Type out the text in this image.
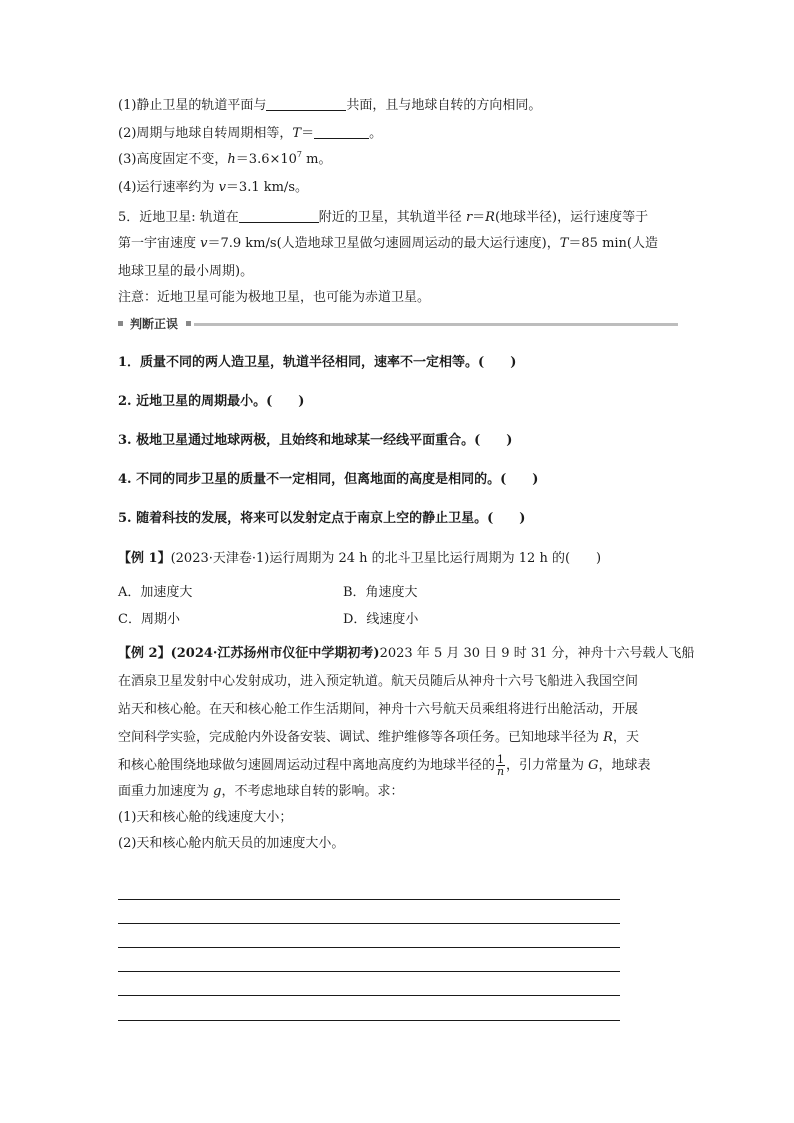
(1)静止卫星的轨道平面与	共面，且与地球自转的方向相同。
(2)周期与地球自转周期相等，T＝	。
(3)高度固定不变，$h=3.6\times 10^7$ m。
(4)运行速率约为 v＝3.1 km/s。
5．近地卫星: 轨道在	附近的卫星，其轨道半径 r＝R(地球半径)，运行速度等于
第一宇宙速度 v＝7.9 km/s(人造地球卫星做匀速圆周运动的最大运行速度)，T＝85 min(人造
地球卫星的最小周期)。
注意：近地卫星可能为极地卫星，也可能为赤道卫星。
判断正误
1．质量不同的两人造卫星，轨道半径相同，速率不一定相等。(　　)
2. 近地卫星的周期最小。(　　)
3. 极地卫星通过地球两极，且始终和地球某一经线平面重合。(　　)
4. 不同的同步卫星的质量不一定相同，但离地面的高度是相同的。(　　)
5. 随着科技的发展，将来可以发射定点于南京上空的静止卫星。(　　)
【例 1】(2023·天津卷·1)运行周期为 24 h 的北斗卫星比运行周期为 12 h 的(　　)
A．加速度大	B．角速度大
C．周期小	D．线速度小
【例 2】(2024·江苏扬州市仪征中学期初考)2023 年 5 月 30 日 9 时 31 分，神舟十六号载人飞船
在酒泉卫星发射中心发射成功，进入预定轨道。航天员随后从神舟十六号飞船进入我国空间
站天和核心舱。在天和核心舱工作生活期间，神舟十六号航天员乘组将进行出舱活动，开展
空间科学实验，完成舱内外设备安装、调试、维护维修等各项任务。已知地球半径为 R，天
和核心舱围绕地球做匀速圆周运动过程中离地高度约为地球半径的 $\frac{1}{n}$ ，引力常量为 G，地球表
面重力加速度为 g，不考虑地球自转的影响。求：
(1)天和核心舱的线速度大小；
(2)天和核心舱内航天员的加速度大小。
